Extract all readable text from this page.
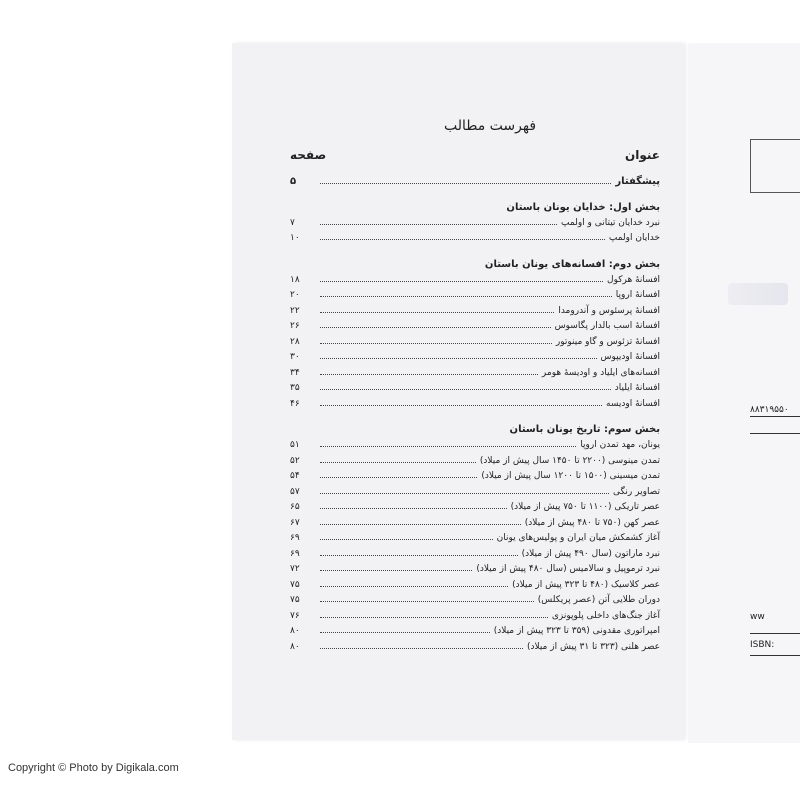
۸۸۳۱۹۵۵۰
ww
ISBN:
فهرست مطالب
عنوان
صفحه
پیشگفتار
۵
بخش اول: خدایان یونان باستان
نبرد خدایان تیتانی و اولمپ
۷
خدایان اولمپ
۱۰
بخش دوم: افسانه‌های یونان باستان
افسانهٔ هرکول
۱۸
افسانهٔ اروپا
۲۰
افسانهٔ پرسئوس و آندرومدا
۲۲
افسانهٔ اسب بالدار پگاسوس
۲۶
افسانهٔ تزئوس و گاو مینوتور
۲۸
افسانهٔ اودیپوس
۳۰
افسانه‌های ایلیاد و اودیسهٔ هومر
۳۴
افسانهٔ ایلیاد
۳۵
افسانهٔ اودیسه
۴۶
بخش سوم: تاریخ یونان باستان
یونان، مهد تمدن اروپا
۵۱
تمدن مینوسی (۲۲۰۰ تا ۱۴۵۰ سال پیش از میلاد)
۵۲
تمدن میسینی (۱۵۰۰ تا ۱۲۰۰ سال پیش از میلاد)
۵۴
تصاویر رنگی
۵۷
عصر تاریکی (۱۱۰۰ تا ۷۵۰ پیش از میلاد)
۶۵
عصر کهن (۷۵۰ تا ۴۸۰ پیش از میلاد)
۶۷
آغاز کشمکش میان ایران و پولیس‌های یونان
۶۹
نبرد ماراتون (سال ۴۹۰ پیش از میلاد)
۶۹
نبرد ترموپیل و سالامیس (سال ۴۸۰ پیش از میلاد)
۷۲
عصر کلاسیک (۴۸۰ تا ۳۲۳ پیش از میلاد)
۷۵
دوران طلایی آتن (عصر پریکلس)
۷۵
آغاز جنگ‌های داخلی پلوپونزی
۷۶
امپراتوری مقدونی (۳۵۹ تا ۳۲۳ پیش از میلاد)
۸۰
عصر هلنی (۳۲۳ تا ۳۱ پیش از میلاد)
۸۰
Copyright © Photo by Digikala.com
